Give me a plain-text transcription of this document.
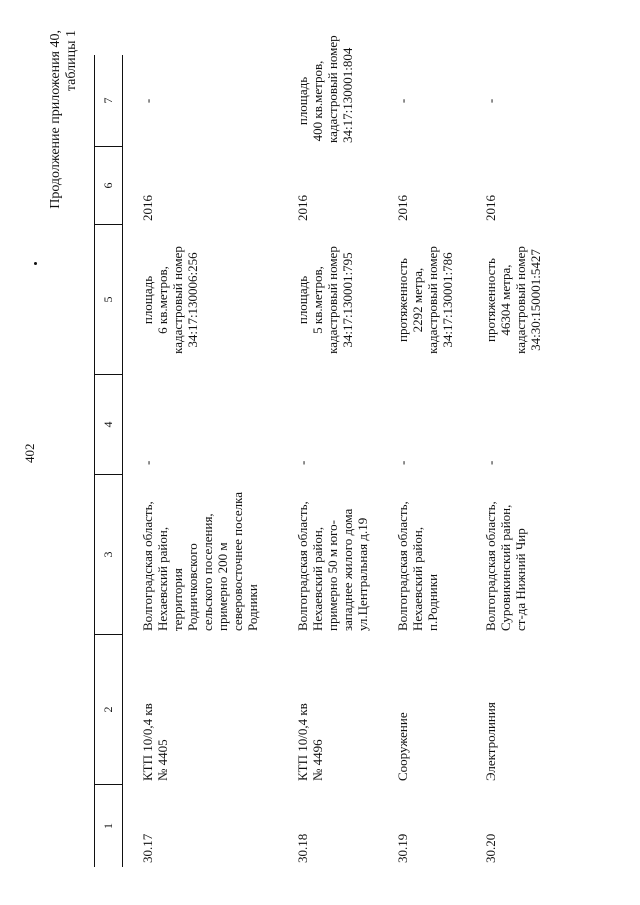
402
Продолжение приложения 40, таблицы 1
1
2
3
4
5
6
7
30.17
КТП 10/0,4 кв № 4405
Волгоградская область, Нехаевский район, территория Родничковского сельского поселения, примерно 200 м северовосточнее поселка Родники
-
площадь 6 кв.метров, кадастровый номер 34:17:130006:256
2016
-
30.18
КТП 10/0,4 кв № 4496
Волгоградская область, Нехаевский район, примерно 50 м юго- западнее жилого дома ул.Центральная д.19
-
площадь 5 кв.метров, кадастровый номер 34:17:130001:795
2016
площадь 400 кв.метров, кадастровый номер 34:17:130001:804
30.19
Сооружение
Волгоградская область, Нехаевский район, п.Родники
-
протяженность 2292 метра, кадастровый номер 34:17:130001:786
2016
-
30.20
Электролиния
Волгоградская область, Суровикинский район, ст-да Нижний Чир
-
протяженность 46304 метра, кадастровый номер 34:30:150001:5427
2016
-
